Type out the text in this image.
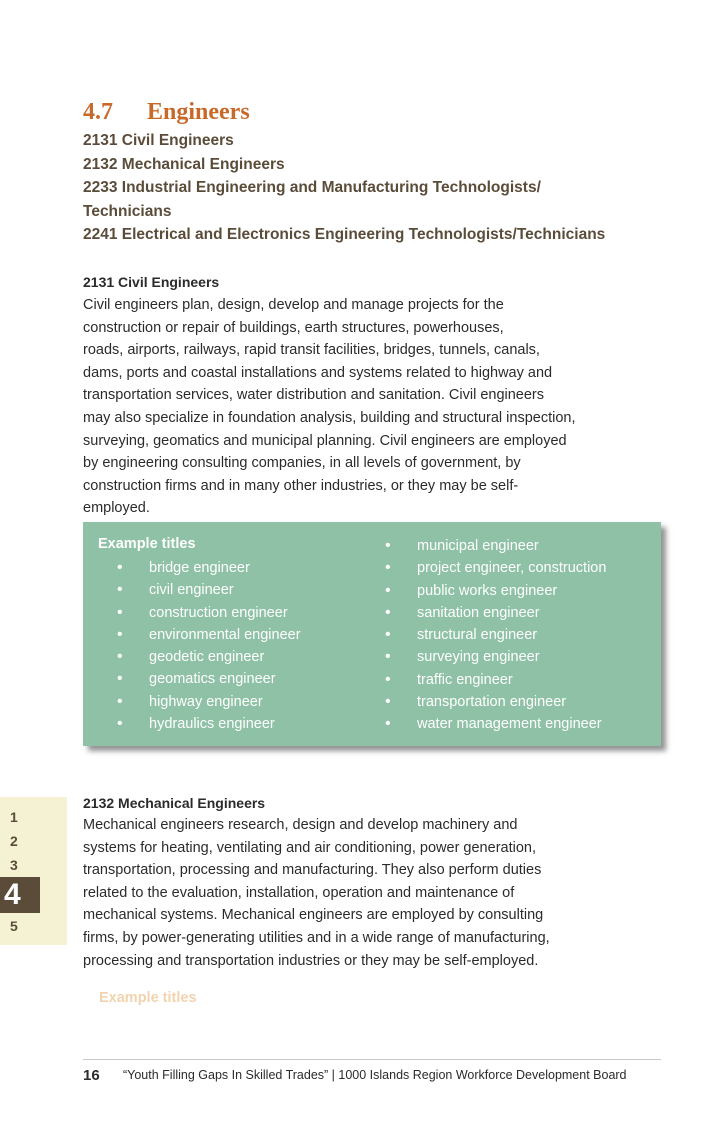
4.7 Engineers
2131 Civil Engineers
2132 Mechanical Engineers
2233 Industrial Engineering and Manufacturing Technologists/
Technicians
2241 Electrical and Electronics Engineering Technologists/Technicians
2131 Civil Engineers
Civil engineers plan, design, develop and manage projects for the
construction or repair of buildings, earth structures, powerhouses,
roads, airports, railways, rapid transit facilities, bridges, tunnels, canals,
dams, ports and coastal installations and systems related to highway and
transportation services, water distribution and sanitation. Civil engineers
may also specialize in foundation analysis, building and structural inspection,
surveying, geomatics and municipal planning. Civil engineers are employed
by engineering consulting companies, in all levels of government, by
construction firms and in many other industries, or they may be self-
employed.
Example titles
• bridge engineer
• civil engineer
• construction engineer
• environmental engineer
• geodetic engineer
• geomatics engineer
• highway engineer
• hydraulics engineer
• municipal engineer
• project engineer, construction
• public works engineer
• sanitation engineer
• structural engineer
• surveying engineer
• traffic engineer
• transportation engineer
• water management engineer
1
2
3
4
5
2132 Mechanical Engineers
Mechanical engineers research, design and develop machinery and
systems for heating, ventilating and air conditioning, power generation,
transportation, processing and manufacturing. They also perform duties
related to the evaluation, installation, operation and maintenance of
mechanical systems. Mechanical engineers are employed by consulting
firms, by power-generating utilities and in a wide range of manufacturing,
processing and transportation industries or they may be self-employed.
Example titles
16 “Youth Filling Gaps In Skilled Trades” | 1000 Islands Region Workforce Development Board
